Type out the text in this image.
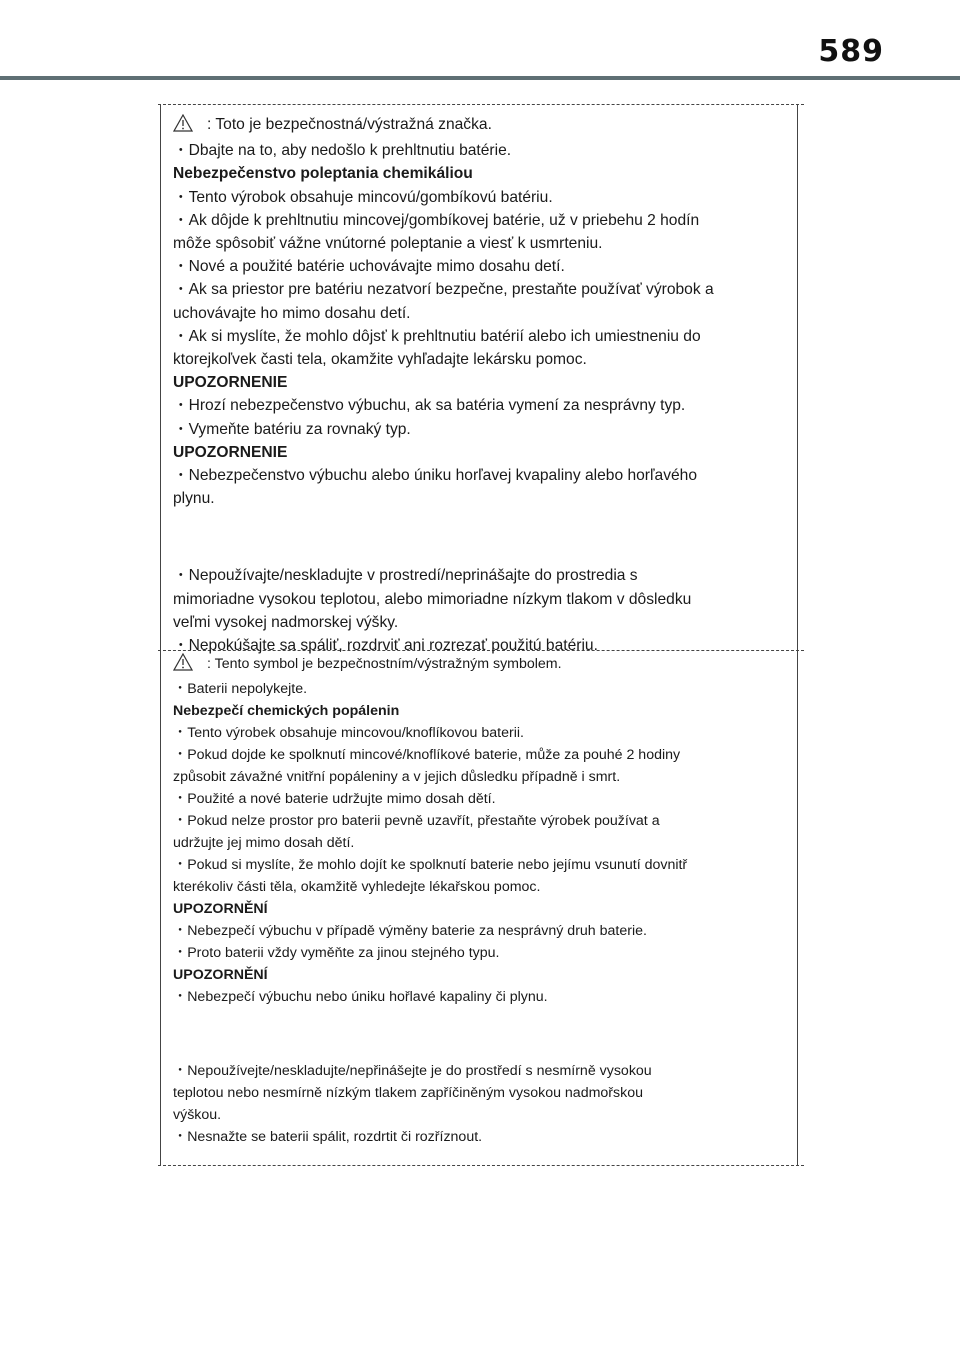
589

: Toto je bezpečnostná/výstražná značka.

・Dbajte na to, aby nedošlo k prehltnutiu batérie.

Nebezpečenstvo poleptania chemikáliou

・Tento výrobok obsahuje mincovú/gombíkovú batériu.

・Ak dôjde k prehltnutiu mincovej/gombíkovej batérie, už v priebehu 2 hodín

môže spôsobiť vážne vnútorné poleptanie a viesť k usmrteniu.

・Nové a použité batérie uchovávajte mimo dosahu detí.

・Ak sa priestor pre batériu nezatvorí bezpečne, prestaňte používať výrobok a

uchovávajte ho mimo dosahu detí.

・Ak si myslíte, že mohlo dôjsť k prehltnutiu batérií alebo ich umiestneniu do

ktorejkoľvek časti tela, okamžite vyhľadajte lekársku pomoc.

UPOZORNENIE

・Hrozí nebezpečenstvo výbuchu, ak sa batéria vymení za nesprávny typ.

・Vymeňte batériu za rovnaký typ.

UPOZORNENIE

・Nebezpečenstvo výbuchu alebo úniku horľavej kvapaliny alebo horľavého

plynu.

・Nepoužívajte/neskladujte v prostredí/neprinášajte do prostredia s

mimoriadne vysokou teplotou, alebo mimoriadne nízkym tlakom v dôsledku

veľmi vysokej nadmorskej výšky.

・Nepokúšajte sa spáliť, rozdrviť ani rozrezať použitú batériu.

: Tento symbol je bezpečnostním/výstražným symbolem.

・Baterii nepolykejte.

Nebezpečí chemických popálenin

・Tento výrobek obsahuje mincovou/knoflíkovou baterii.

・Pokud dojde ke spolknutí mincové/knoflíkové baterie, může za pouhé 2 hodiny

způsobit závažné vnitřní popáleniny a v jejich důsledku případně i smrt.

・Použité a nové baterie udržujte mimo dosah dětí.

・Pokud nelze prostor pro baterii pevně uzavřít, přestaňte výrobek používat a

udržujte jej mimo dosah dětí.

・Pokud si myslíte, že mohlo dojít ke spolknutí baterie nebo jejímu vsunutí dovnitř

kterékoliv části těla, okamžitě vyhledejte lékařskou pomoc.

UPOZORNĚNÍ

・Nebezpečí výbuchu v případě výměny baterie za nesprávný druh baterie.

・Proto baterii vždy vyměňte za jinou stejného typu.

UPOZORNĚNÍ

・Nebezpečí výbuchu nebo úniku hořlavé kapaliny či plynu.

・Nepoužívejte/neskladujte/nepřinášejte je do prostředí s nesmírně vysokou

teplotou nebo nesmírně nízkým tlakem zapříčiněným vysokou nadmořskou

výškou.

・Nesnažte se baterii spálit, rozdrtit či rozříznout.
